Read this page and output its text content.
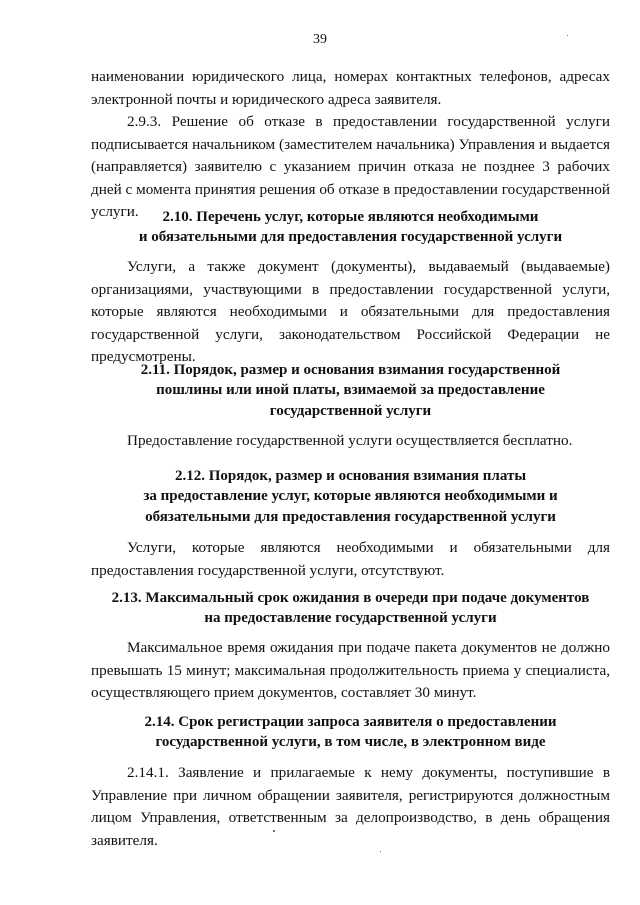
39

наименовании юридического лица, номерах контактных телефонов, адресах электронной почты и юридического адреса заявителя.

2.9.3. Решение об отказе в предоставлении государственной услуги подписывается начальником (заместителем начальника) Управления и выдается (направляется) заявителю с указанием причин отказа не позднее 3 рабочих дней с момента принятия решения об отказе в предоставлении государственной услуги.	2.10. Перечень услуг, которые являются необходимыми
и обязательными для предоставления государственной услуги

Услуги, а также документ (документы), выдаваемый (выдаваемые) организациями, участвующими в предоставлении государственной услуги, которые являются необходимыми и обязательными для предоставления государственной услуги, законодательством Российской Федерации не предусмотрены.

2.11. Порядок, размер и основания взимания государственной
пошлины или иной платы, взимаемой за предоставление
государственной услуги

Предоставление государственной услуги осуществляется бесплатно.

2.12. Порядок, размер и основания взимания платы
за предоставление услуг, которые являются необходимыми и
обязательными для предоставления государственной услуги

Услуги, которые являются необходимыми и обязательными для предоставления государственной услуги, отсутствуют.

2.13. Максимальный срок ожидания в очереди при подаче документов
на предоставление государственной услуги

Максимальное время ожидания при подаче пакета документов не должно превышать 15 минут; максимальная продолжительность приема у специалиста, осуществляющего прием документов, составляет 30 минут.

2.14. Срок регистрации запроса заявителя о предоставлении
государственной услуги, в том числе, в электронном виде

2.14.1. Заявление и прилагаемые к нему документы, поступившие в Управление при личном обращении заявителя, регистрируются должностным лицом Управления, ответственным за делопроизводство, в день обращения заявителя.
